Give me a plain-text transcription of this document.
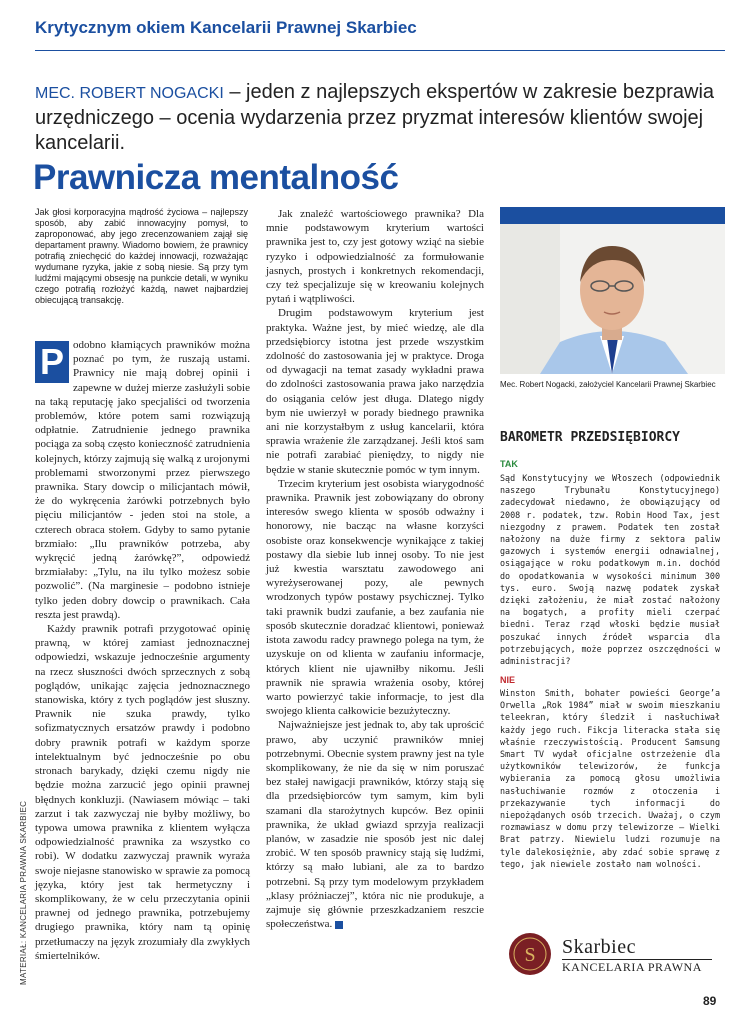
Krytycznym okiem Kancelarii Prawnej Skarbiec
MEC. ROBERT NOGACKI – jeden z najlepszych ekspertów w zakresie bezprawia urzędniczego – ocenia wydarzenia przez pryzmat interesów klientów swojej kancelarii.
Prawnicza mentalność
Jak głosi korporacyjna mądrość życiowa – najlepszy sposób, aby zabić innowacyjny pomysł, to zaproponować, aby jego zrecenzowaniem zajął się departament prawny. Wiadomo bowiem, że prawnicy potrafią zniechęcić do każdej innowacji, rozważając wydumane ryzyka, jakie z sobą niesie. Są przy tym ludźmi mającymi obsesję na punkcie detali, w wyniku czego potrafią rozłożyć każdą, nawet najbardziej obiecującą transakcję.

P odobno kłamiących prawników można poznać po tym, że ruszają ustami. Prawnicy nie mają dobrej opinii i zapewne w dużej mierze zasłużyli sobie na taką reputację jako specjaliści od tworzenia problemów, które potem sami rozwiązują odpłatnie. Zatrudnienie jednego prawnika pociąga za sobą często konieczność zatrudnienia kolejnych, którzy zajmują się walką z urojonymi problemami stworzonymi przez pierwszego prawnika. Stary dowcip o milicjantach mówił, że do wykręcenia żarówki potrzebnych było pięciu milicjantów - jeden stoi na stole, a czterech obraca stołem. Gdyby to samo pytanie brzmiało: „Ilu prawników potrzeba, aby wykręcić jedną żarówkę?”, odpowiedź brzmiałaby: „Tylu, na ilu tylko możesz sobie pozwolić”. (Na marginesie – podobno istnieje tylko jeden dobry dowcip o prawnikach. Cała reszta jest prawdą).

Każdy prawnik potrafi przygotować opinię prawną, w której zamiast jednoznacznej odpowiedzi, wskazuje jednocześnie argumenty na rzecz słuszności dwóch sprzecznych z sobą poglądów, unikając zajęcia jednoznacznego stanowiska, który z tych poglądów jest słuszny. Prawnik nie szuka prawdy, tylko sofizmatycznych ersatzów prawdy i podobno dobry prawnik potrafi w każdym sporze intelektualnym być jednocześnie po obu stronach barykady, dzięki czemu nigdy nie będzie można zarzucić jego opinii prawnej błędnych konkluzji. (Nawiasem mówiąc – taki zarzut i tak zazwyczaj nie byłby możliwy, bo typowa umowa prawnika z klientem wyłącza odpowiedzialność prawnika za wszystko co robi). W dodatku zazwyczaj prawnik wyraża swoje niejasne stanowisko w sprawie za pomocą języka, który jest tak hermetyczny i skomplikowany, że w celu przeczytania opinii prawnej od jednego prawnika, potrzebujemy drugiego prawnika, który nam tą opinię przetłumaczy na język zrozumiały dla zwykłych śmiertelników.

Jak znaleźć wartościowego prawnika? Dla mnie podstawowym kryterium wartości prawnika jest to, czy jest gotowy wziąć na siebie ryzyko i odpowiedzialność za formułowanie jasnych, prostych i konkretnych rekomendacji, czy też specjalizuje się w kreowaniu kolejnych pytań i wątpliwości.

Drugim podstawowym kryterium jest praktyka. Ważne jest, by mieć wiedzę, ale dla przedsiębiorcy istotna jest przede wszystkim zdolność do zastosowania jej w praktyce. Droga od dywagacji na temat zasady wykładni prawa do zdolności zastosowania prawa jako narzędzia do osiągania celów jest długa. Dlatego nigdy bym nie uwierzył w porady biednego prawnika ani nie korzystałbym z usług kancelarii, która sprawia wrażenie źle zarządzanej. Jeśli ktoś sam nie potrafi zarabiać pieniędzy, to nigdy nie będzie w stanie skutecznie pomóc w tym innym.

Trzecim kryterium jest osobista wiarygodność prawnika. Prawnik jest zobowiązany do obrony interesów swego klienta w sposób odważny i honorowy, nie bacząc na własne korzyści osobiste oraz konsekwencje wynikające z takiej postawy dla siebie lub innej osoby. To nie jest już kwestia warsztatu zawodowego ani wyreżyserowanej pozy, ale pewnych wrodzonych typów postawy psychicznej. Tylko taki prawnik budzi zaufanie, a bez zaufania nie sposób skutecznie doradzać klientowi, ponieważ istota zawodu radcy prawnego polega na tym, że uzyskuje on od klienta w zaufaniu informacje, których klient nie ujawniłby nikomu. Jeśli prawnik nie sprawia wrażenia osoby, której warto powierzyć takie informacje, to jest dla swojego klienta całkowicie bezużyteczny.

Najważniejsze jest jednak to, aby tak uprościć prawo, aby uczynić prawników mniej potrzebnymi. Obecnie system prawny jest na tyle skomplikowany, że nie da się w nim poruszać bez stałej nawigacji prawników, którzy stają się dla przedsiębiorców tym samym, kim byli szamani dla starożytnych kupców. Bez opinii prawnika, że układ gwiazd sprzyja realizacji planów, w zasadzie nie sposób jest nic dalej zrobić. W ten sposób prawnicy stają się ludźmi, którzy są mało lubiani, ale za to bardzo potrzebni. Są przy tym modelowym przykładem „klasy próżniaczej”, która nic nie produkuje, a zajmuje się głównie przeszkadzaniem reszcie społeczeństwa.

Mec. Robert Nogacki, założyciel Kancelarii Prawnej Skarbiec
BAROMETR PRZEDSIĘBIORCY
TAK
Sąd Konstytucyjny we Włoszech (odpowiednik naszego Trybunału Konstytucyjnego) zadecydował niedawno, że obowiązujący od 2008 r. podatek, tzw. Robin Hood Tax, jest niezgodny z prawem. Podatek ten został nałożony na duże firmy z sektora paliw gazowych i systemów energii odnawialnej, osiągające w roku podatkowym m.in. dochód do opodatkowania w wysokości minimum 300 tys. euro. Swoją nazwę podatek zyskał dzięki założeniu, że miał zostać nałożony na bogatych, a profity mieli czerpać biedni. Teraz rząd włoski będzie musiał poszukać innych źródeł wsparcia dla potrzebujących, może poprzez oszczędności w administracji?
NIE
Winston Smith, bohater powieści George’a Orwella „Rok 1984” miał w swoim mieszkaniu teleekran, który śledził i nasłuchiwał każdy jego ruch. Fikcja literacka stała się właśnie rzeczywistością. Producent Samsung Smart TV wydał oficjalne ostrzeżenie dla użytkowników telewizorów, że funkcja wybierania za pomocą głosu umożliwia nasłuchiwanie rozmów z otoczenia i przekazywanie tych informacji do niepożądanych osób trzecich. Uważaj, o czym rozmawiasz w domu przy telewizorze – Wielki Brat patrzy. Niewielu ludzi rozumuje na tyle dalekosiężnie, aby zdać sobie sprawę z tego, jak niewiele zostało nam wolności.
MATERIAŁ: KANCELARIA PRAWNA SKARBIEC	S Skarbiec
KANCELARIA PRAWNA
89
